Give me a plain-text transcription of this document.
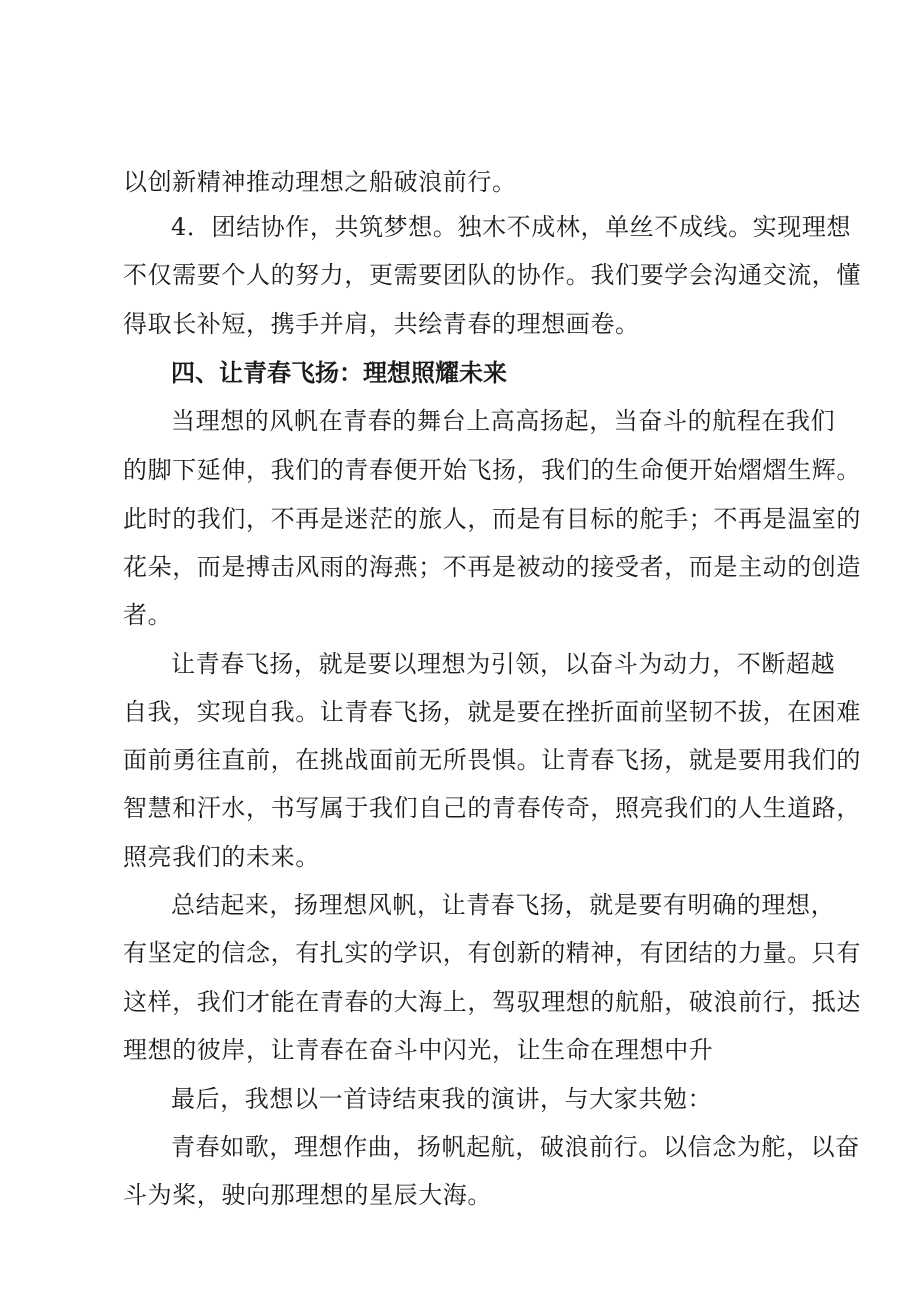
以创新精神推动理想之船破浪前行。
4．团结协作，共筑梦想。独木不成林，单丝不成线。实现理想
不仅需要个人的努力，更需要团队的协作。我们要学会沟通交流，懂
得取长补短，携手并肩，共绘青春的理想画卷。
四、让青春飞扬：理想照耀未来
当理想的风帆在青春的舞台上高高扬起，当奋斗的航程在我们
的脚下延伸，我们的青春便开始飞扬，我们的生命便开始熠熠生辉。
此时的我们，不再是迷茫的旅人，而是有目标的舵手；不再是温室的
花朵，而是搏击风雨的海燕；不再是被动的接受者，而是主动的创造
者。
让青春飞扬，就是要以理想为引领，以奋斗为动力，不断超越
自我，实现自我。让青春飞扬，就是要在挫折面前坚韧不拔，在困难
面前勇往直前，在挑战面前无所畏惧。让青春飞扬，就是要用我们的
智慧和汗水，书写属于我们自己的青春传奇，照亮我们的人生道路，
照亮我们的未来。
总结起来，扬理想风帆，让青春飞扬，就是要有明确的理想，
有坚定的信念，有扎实的学识，有创新的精神，有团结的力量。只有
这样，我们才能在青春的大海上，驾驭理想的航船，破浪前行，抵达
理想的彼岸，让青春在奋斗中闪光，让生命在理想中升
最后，我想以一首诗结束我的演讲，与大家共勉：
青春如歌，理想作曲，扬帆起航，破浪前行。以信念为舵，以奋
斗为桨，驶向那理想的星辰大海。
